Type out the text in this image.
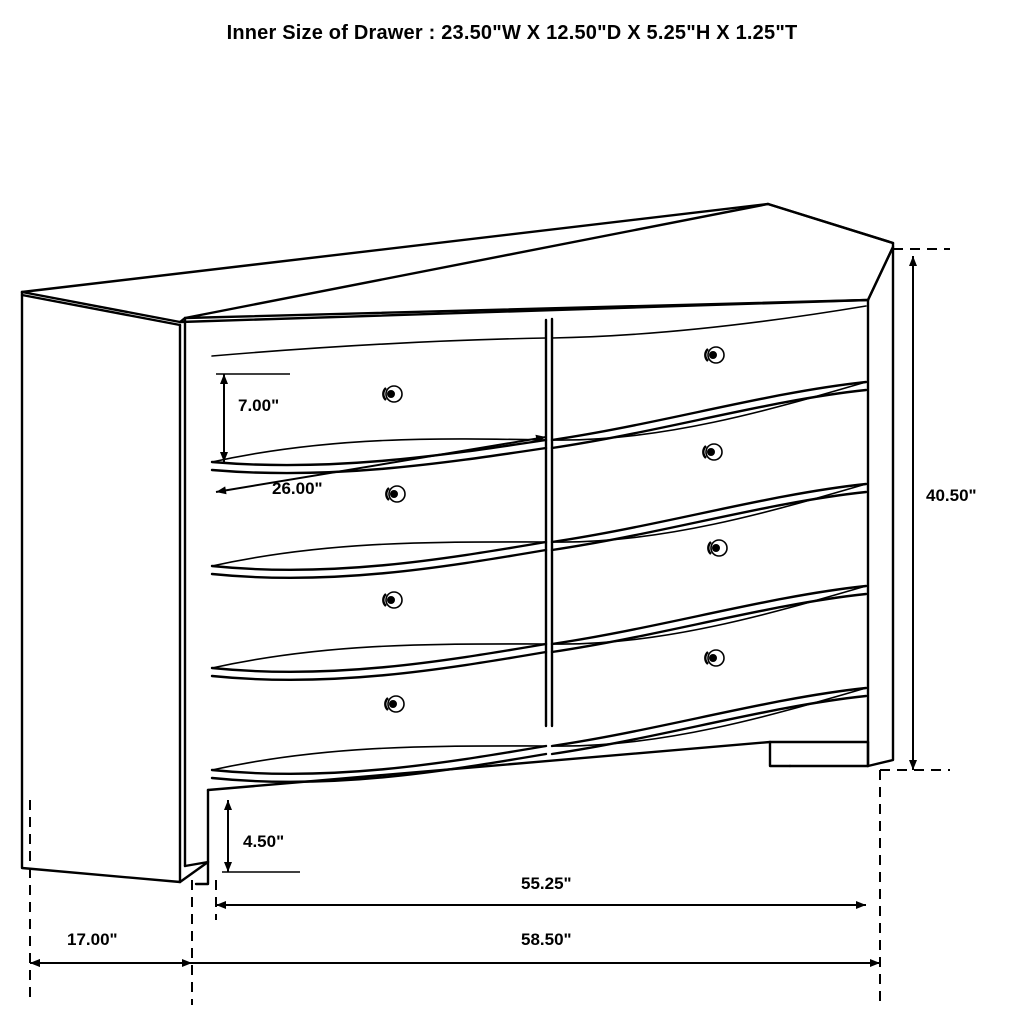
Inner Size of Drawer : 23.50"W X 12.50"D X 5.25"H X 1.25"T
7.00"
26.00"	40.50"
4.50"
55.25"
17.00"	58.50"
